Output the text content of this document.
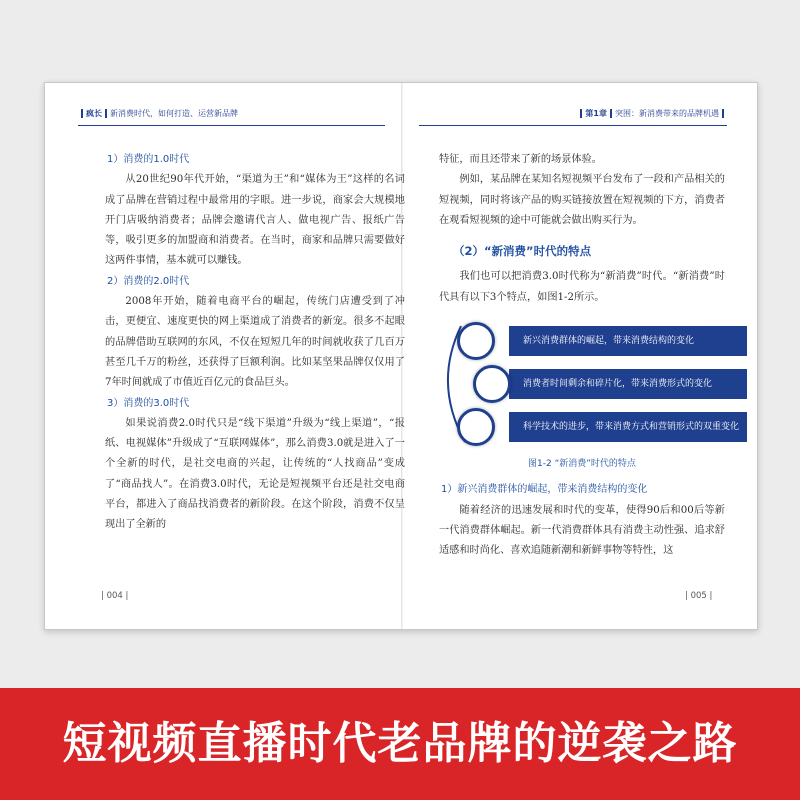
疯长 新消费时代，如何打造、运营新品牌	第1章 突围：新消费带来的品牌机遇
1）消费的1.0时代
从20世纪90年代开始，“渠道为王”和“媒体为王”这样的名词成了品牌在营销过程中最常用的字眼。进一步说，商家会大规模地开门店吸纳消费者；品牌会邀请代言人、做电视广告、报纸广告等，吸引更多的加盟商和消费者。在当时，商家和品牌只需要做好这两件事情，基本就可以赚钱。
2）消费的2.0时代
2008年开始，随着电商平台的崛起，传统门店遭受到了冲击，更便宜、速度更快的网上渠道成了消费者的新宠。很多不起眼的品牌借助互联网的东风，不仅在短短几年的时间就收获了几百万甚至几千万的粉丝，还获得了巨额利润。比如某坚果品牌仅仅用了7年时间就成了市值近百亿元的食品巨头。
3）消费的3.0时代
如果说消费2.0时代只是“线下渠道”升级为“线上渠道”，“报纸、电视媒体”升级成了“互联网媒体”，那么消费3.0就是进入了一个全新的时代，是社交电商的兴起，让传统的“人找商品”变成了“商品找人”。在消费3.0时代，无论是短视频平台还是社交电商平台，都进入了商品找消费者的新阶段。在这个阶段，消费不仅呈现出了全新的
特征，而且还带来了新的场景体验。
例如，某品牌在某知名短视频平台发布了一段和产品相关的短视频，同时将该产品的购买链接放置在短视频的下方，消费者在观看短视频的途中可能就会做出购买行为。
（2）“新消费”时代的特点
我们也可以把消费3.0时代称为“新消费”时代。“新消费”时代具有以下3个特点，如图1-2所示。
新兴消费群体的崛起，带来消费结构的变化
消费者时间剩余和碎片化，带来消费形式的变化
科学技术的进步，带来消费方式和营销形式的双重变化
图1-2 “新消费”时代的特点
1）新兴消费群体的崛起，带来消费结构的变化
随着经济的迅速发展和时代的变革，使得90后和00后等新一代消费群体崛起。新一代消费群体具有消费主动性强、追求舒适感和时尚化、喜欢追随新潮和新鲜事物等特性，这
| 004 |	| 005 |
短视频直播时代老品牌的逆袭之路
